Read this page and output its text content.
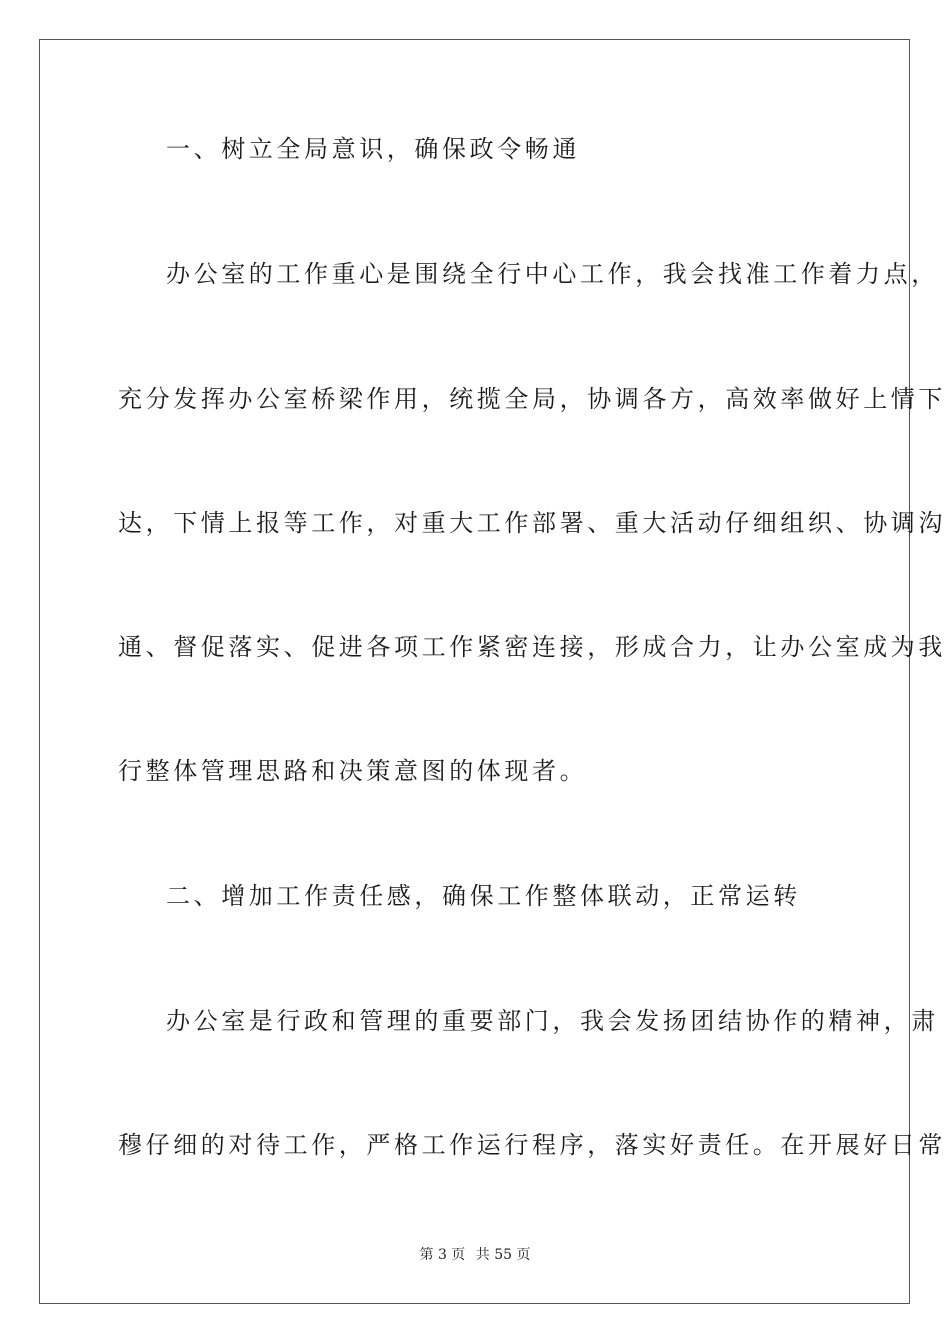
一、树立全局意识，确保政令畅通
办公室的工作重心是围绕全行中心工作，我会找准工作着力点，
充分发挥办公室桥梁作用，统揽全局，协调各方，高效率做好上情下
达，下情上报等工作，对重大工作部署、重大活动仔细组织、协调沟
通、督促落实、促进各项工作紧密连接，形成合力，让办公室成为我
行整体管理思路和决策意图的体现者。
二、增加工作责任感，确保工作整体联动，正常运转
办公室是行政和管理的重要部门，我会发扬团结协作的精神，肃
穆仔细的对待工作，严格工作运行程序，落实好责任。在开展好日常
第 3 页 共 55 页
